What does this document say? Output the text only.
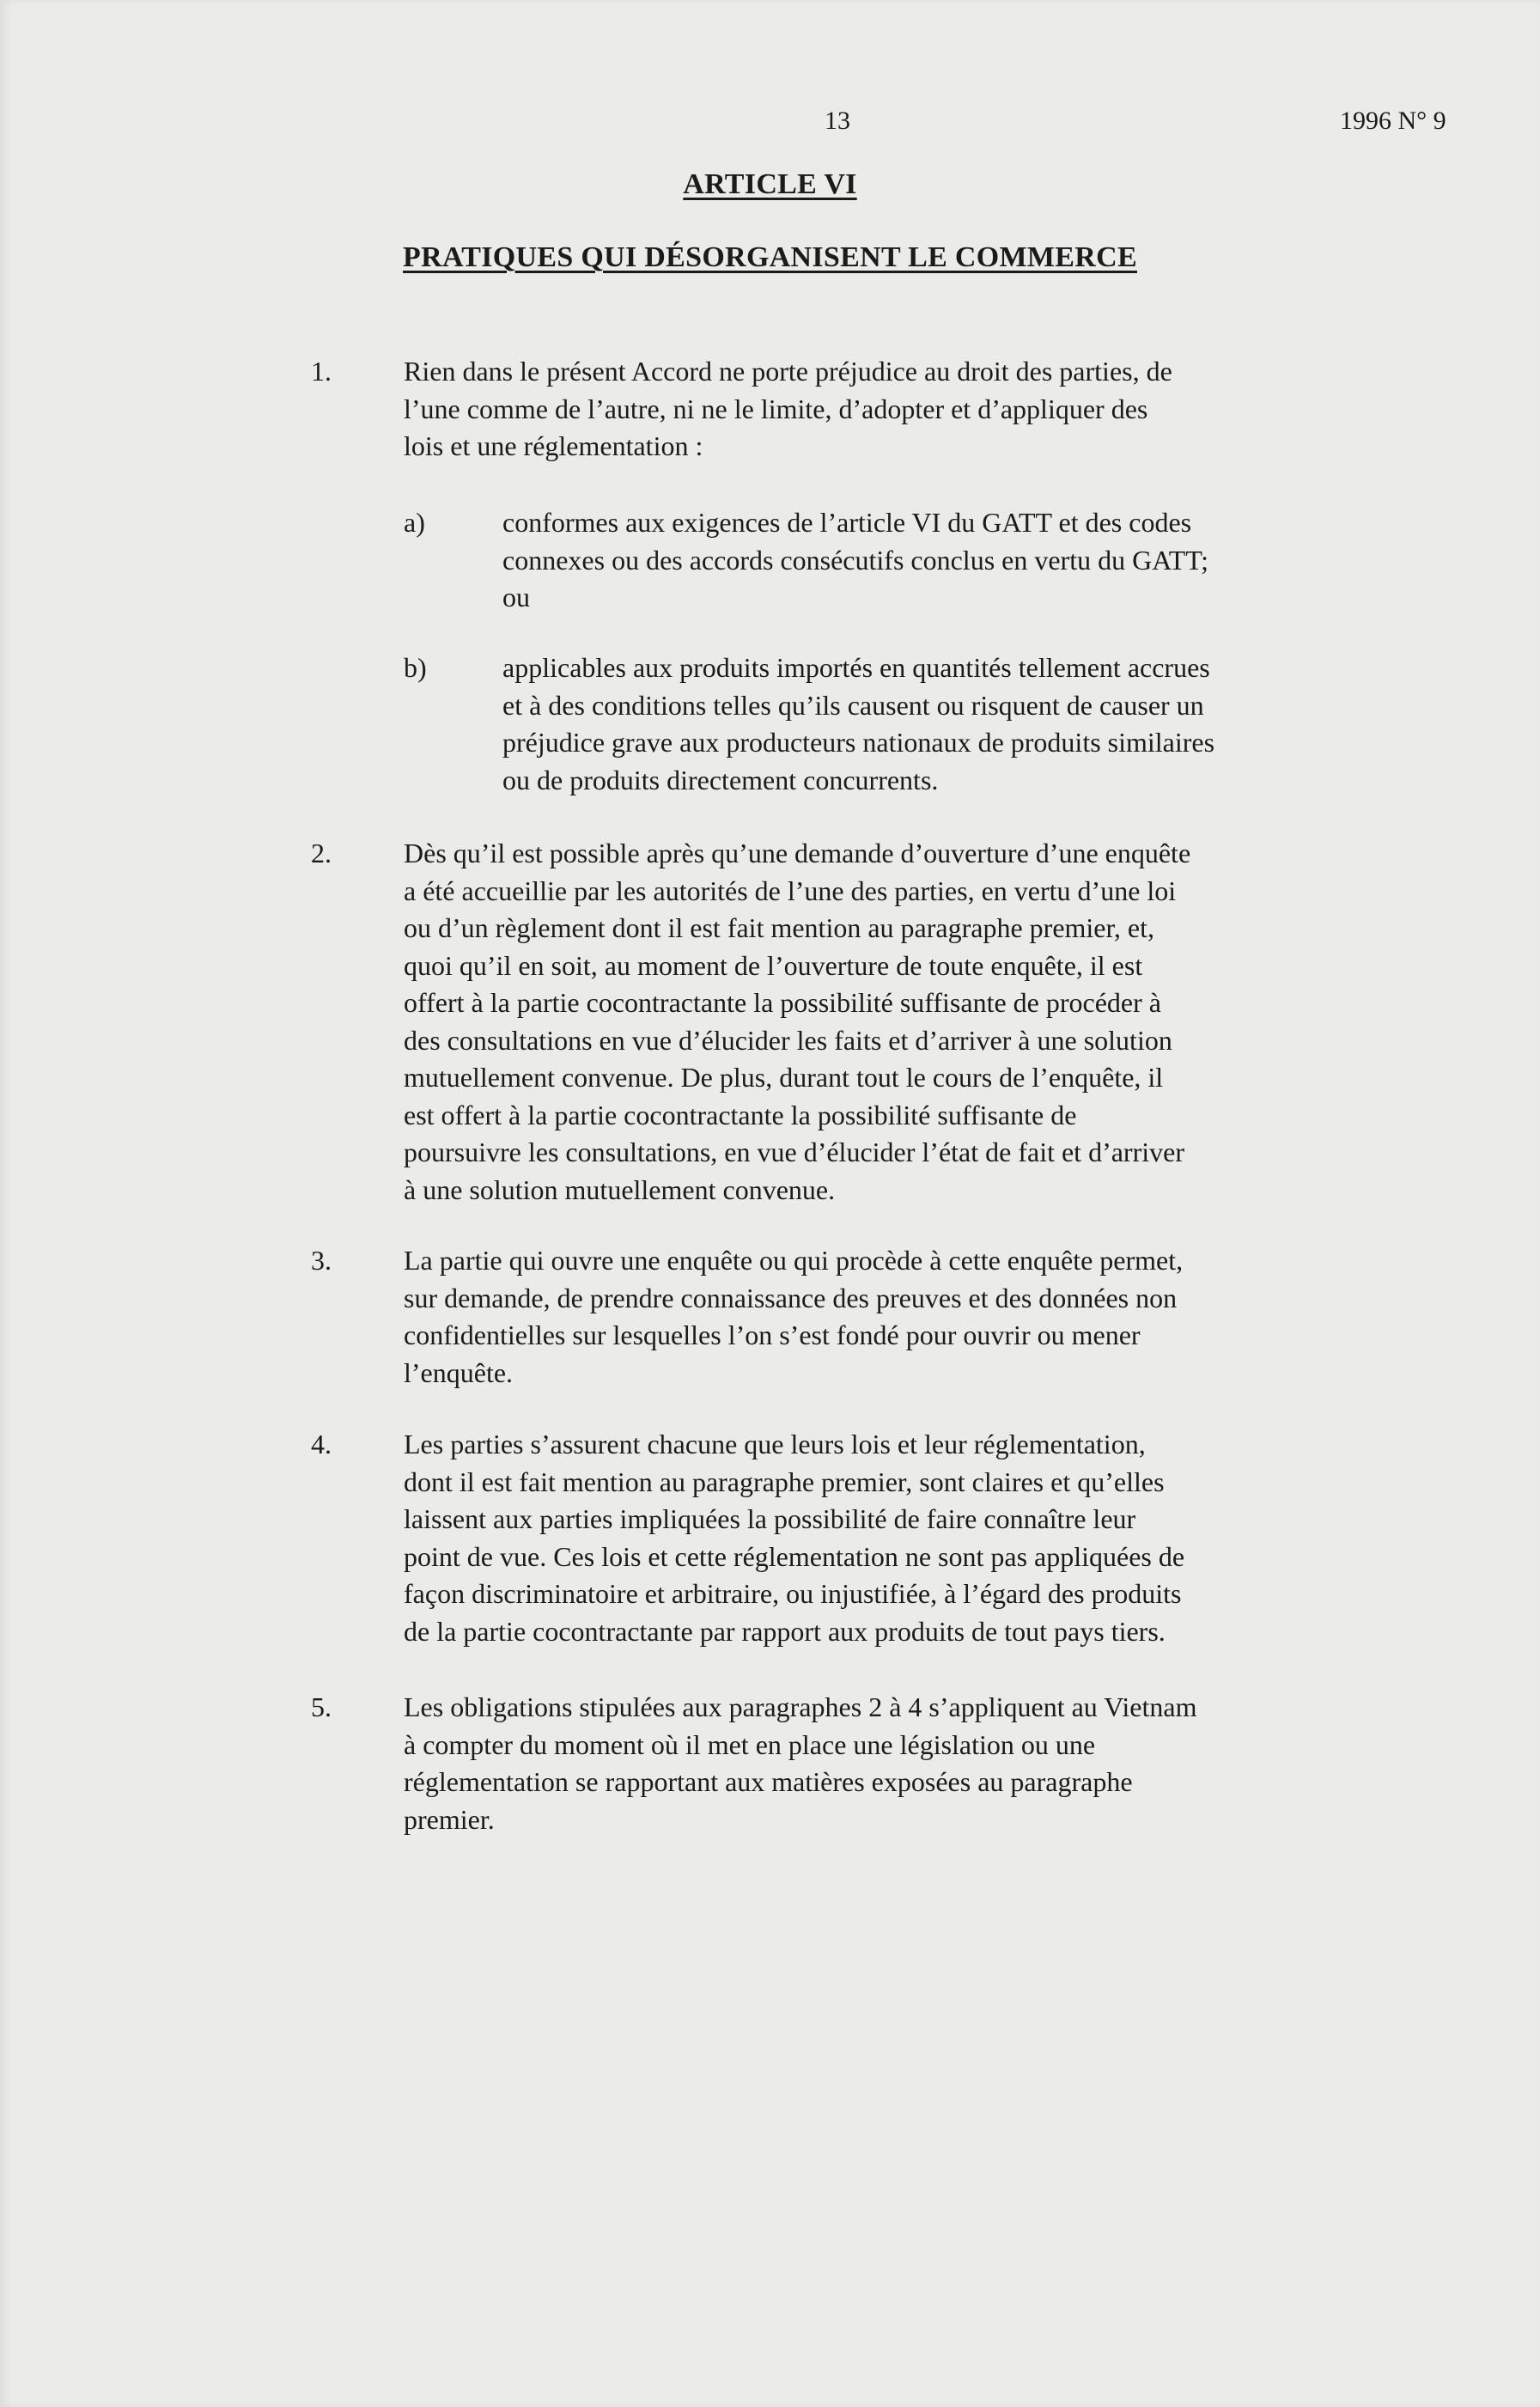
13	1996 N° 9
ARTICLE VI
PRATIQUES QUI DÉSORGANISENT LE COMMERCE
1.	Rien dans le présent Accord ne porte préjudice au droit des parties, de
l’une comme de l’autre, ni ne le limite, d’adopter et d’appliquer des
lois et une réglementation :
a)	conformes aux exigences de l’article VI du GATT et des codes
connexes ou des accords consécutifs conclus en vertu du GATT;
ou
b)	applicables aux produits importés en quantités tellement accrues
et à des conditions telles qu’ils causent ou risquent de causer un
préjudice grave aux producteurs nationaux de produits similaires
ou de produits directement concurrents.
2.	Dès qu’il est possible après qu’une demande d’ouverture d’une enquête
a été accueillie par les autorités de l’une des parties, en vertu d’une loi
ou d’un règlement dont il est fait mention au paragraphe premier, et,
quoi qu’il en soit, au moment de l’ouverture de toute enquête, il est
offert à la partie cocontractante la possibilité suffisante de procéder à
des consultations en vue d’élucider les faits et d’arriver à une solution
mutuellement convenue. De plus, durant tout le cours de l’enquête, il
est offert à la partie cocontractante la possibilité suffisante de
poursuivre les consultations, en vue d’élucider l’état de fait et d’arriver
à une solution mutuellement convenue.
3.	La partie qui ouvre une enquête ou qui procède à cette enquête permet,
sur demande, de prendre connaissance des preuves et des données non
confidentielles sur lesquelles l’on s’est fondé pour ouvrir ou mener
l’enquête.
4.	Les parties s’assurent chacune que leurs lois et leur réglementation,
dont il est fait mention au paragraphe premier, sont claires et qu’elles
laissent aux parties impliquées la possibilité de faire connaître leur
point de vue. Ces lois et cette réglementation ne sont pas appliquées de
façon discriminatoire et arbitraire, ou injustifiée, à l’égard des produits
de la partie cocontractante par rapport aux produits de tout pays tiers.
5.	Les obligations stipulées aux paragraphes 2 à 4 s’appliquent au Vietnam
à compter du moment où il met en place une législation ou une
réglementation se rapportant aux matières exposées au paragraphe
premier.
